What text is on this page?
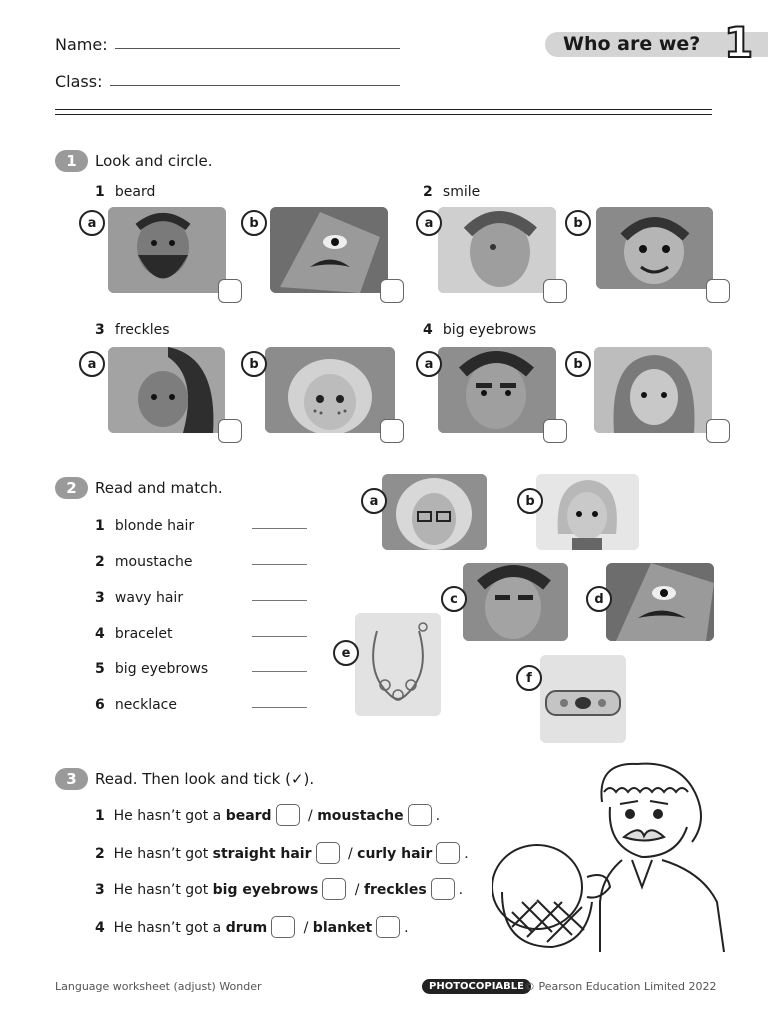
Name:
Class:
Who are we? 1
1	Look and circle.
1 beard	2 smile
3 freckles	4 big eyebrows
a	b	a	b
a	b	a	b
2	Read and match.
1 blonde hair
2 moustache
3 wavy hair
4 bracelet
5 big eyebrows
6 necklace
a	b
c	d
e
f
3	Read. Then look and tick (✓).
1 He hasn’t got a beard	/ moustache .
2 He hasn’t got straight hair	/ curly hair .
3 He hasn’t got big eyebrows	/ freckles .
4 He hasn’t got a drum	/ blanket .
Language worksheet (adjust) Wonder	PHOTOCOPIABLE © Pearson Education Limited 2022
